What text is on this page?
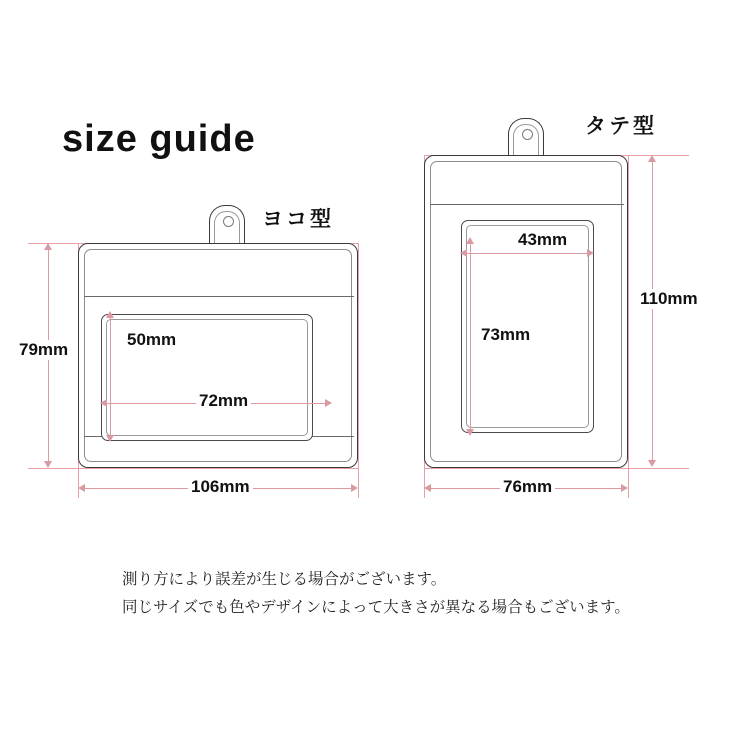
size guide
ヨコ型
タテ型
79mm
106mm
50mm
72mm
110mm
76mm
73mm
43mm
測り方により誤差が生じる場合がございます。
同じサイズでも色やデザインによって大きさが異なる場合もございます。
